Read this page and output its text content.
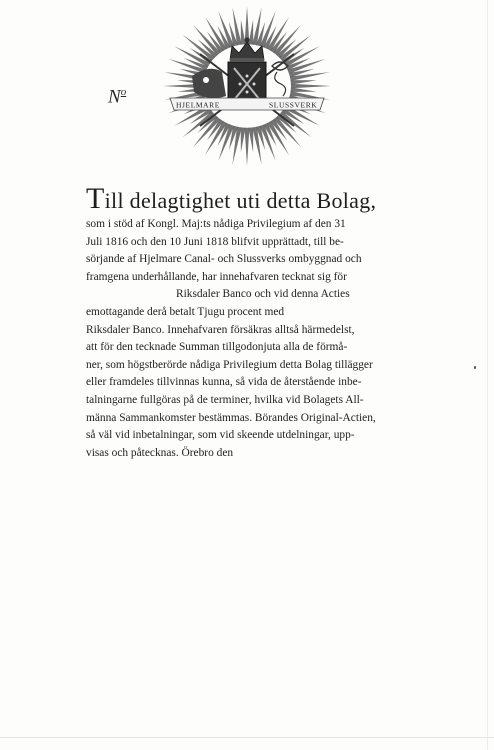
HJELMARE	SLUSSVERK
$N^o$
Till delagtighet uti detta Bolag,
som i stöd af Kongl. Maj:ts nådiga Privilegium af den 31
Juli 1816 och den 10 Juni 1818 blifvit upprättadt, till be-
sörjande af Hjelmare Canal- och Slussverks ombyggnad och
framgena underhållande, har innehafvaren tecknat sig för
Riksdaler Banco och vid denna Acties
emottagande derå betalt Tjugu procent med
Riksdaler Banco. Innehafvaren försäkras alltså härmedelst,
att för den tecknade Summan tillgodonjuta alla de förmå-
ner, som högstberörde nådiga Privilegium detta Bolag tillägger
eller framdeles tillvinnas kunna, så vida de återstående inbe-
talningarne fullgöras på de terminer, hvilka vid Bolagets All-
männa Sammankomster bestämmas. Börandes Original-Actien,
så väl vid inbetalningar, som vid skeende utdelningar, upp-
visas och påtecknas. Örebro den
